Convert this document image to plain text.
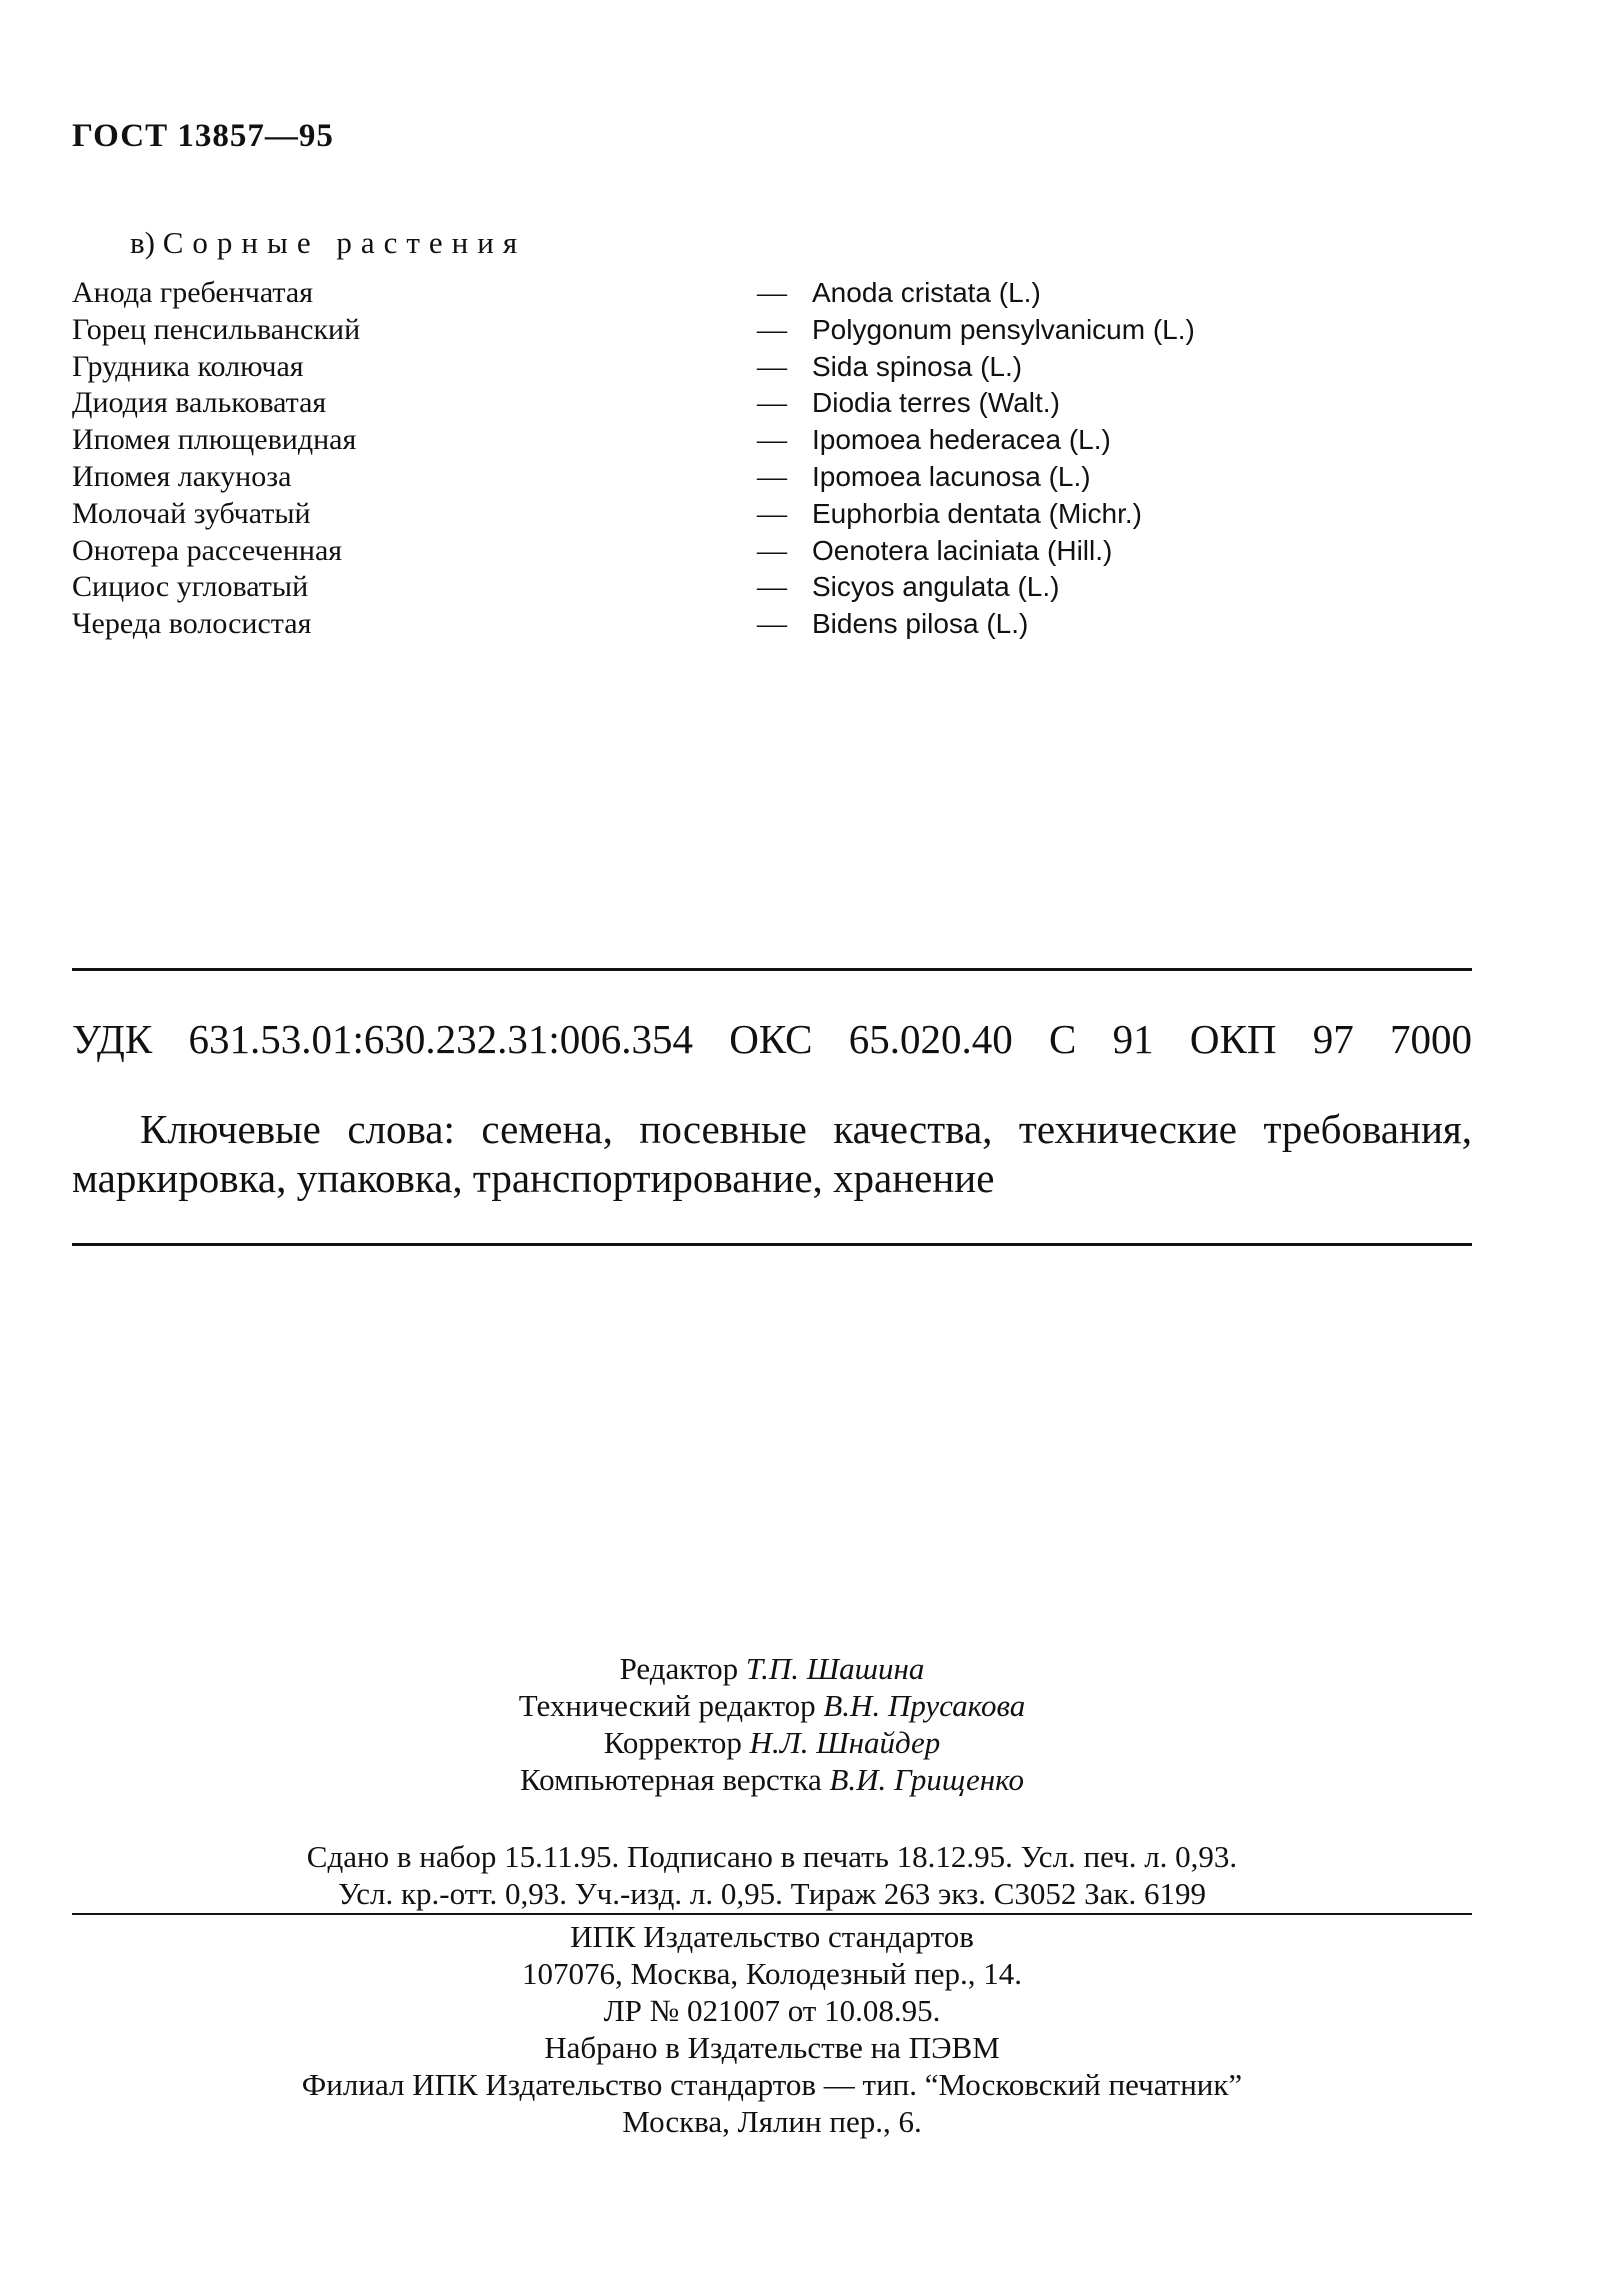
ГОСТ 13857—95
в) Сорные растения
Анода гребенчатая	— Anoda cristata (L.)
Горец пенсильванский	— Polygonum pensylvanicum (L.)
Грудника колючая	— Sida spinosa (L.)
Диодия вальковатая	— Diodia terres (Walt.)
Ипомея плющевидная	— Ipomoea hederacea (L.)
Ипомея лакуноза	— Ipomoea lacunosa (L.)
Молочай зубчатый	— Euphorbia dentata (Michr.)
Онотера рассеченная	— Oenotera laciniata (Hill.)
Сициос угловатый	— Sicyos angulata (L.)
Череда волосистая	— Bidens pilosa (L.)
УДК 631.53.01:630.232.31:006.354 ОКС 65.020.40 С 91 ОКП 97 7000
Ключевые слова: семена, посевные качества, технические требования, маркировка, упаковка, транспортирование, хранение
Редактор Т.П. Шашина
Технический редактор В.Н. Прусакова
Корректор Н.Л. Шнайдер
Компьютерная верстка В.И. Грищенко
Сдано в набор 15.11.95. Подписано в печать 18.12.95. Усл. печ. л. 0,93.
Усл. кр.-отт. 0,93. Уч.-изд. л. 0,95. Тираж 263 экз. С3052 Зак. 6199
ИПК Издательство стандартов
107076, Москва, Колодезный пер., 14.
ЛР № 021007 от 10.08.95.
Набрано в Издательстве на ПЭВМ
Филиал ИПК Издательство стандартов — тип. “Московский печатник”
Москва, Лялин пер., 6.
